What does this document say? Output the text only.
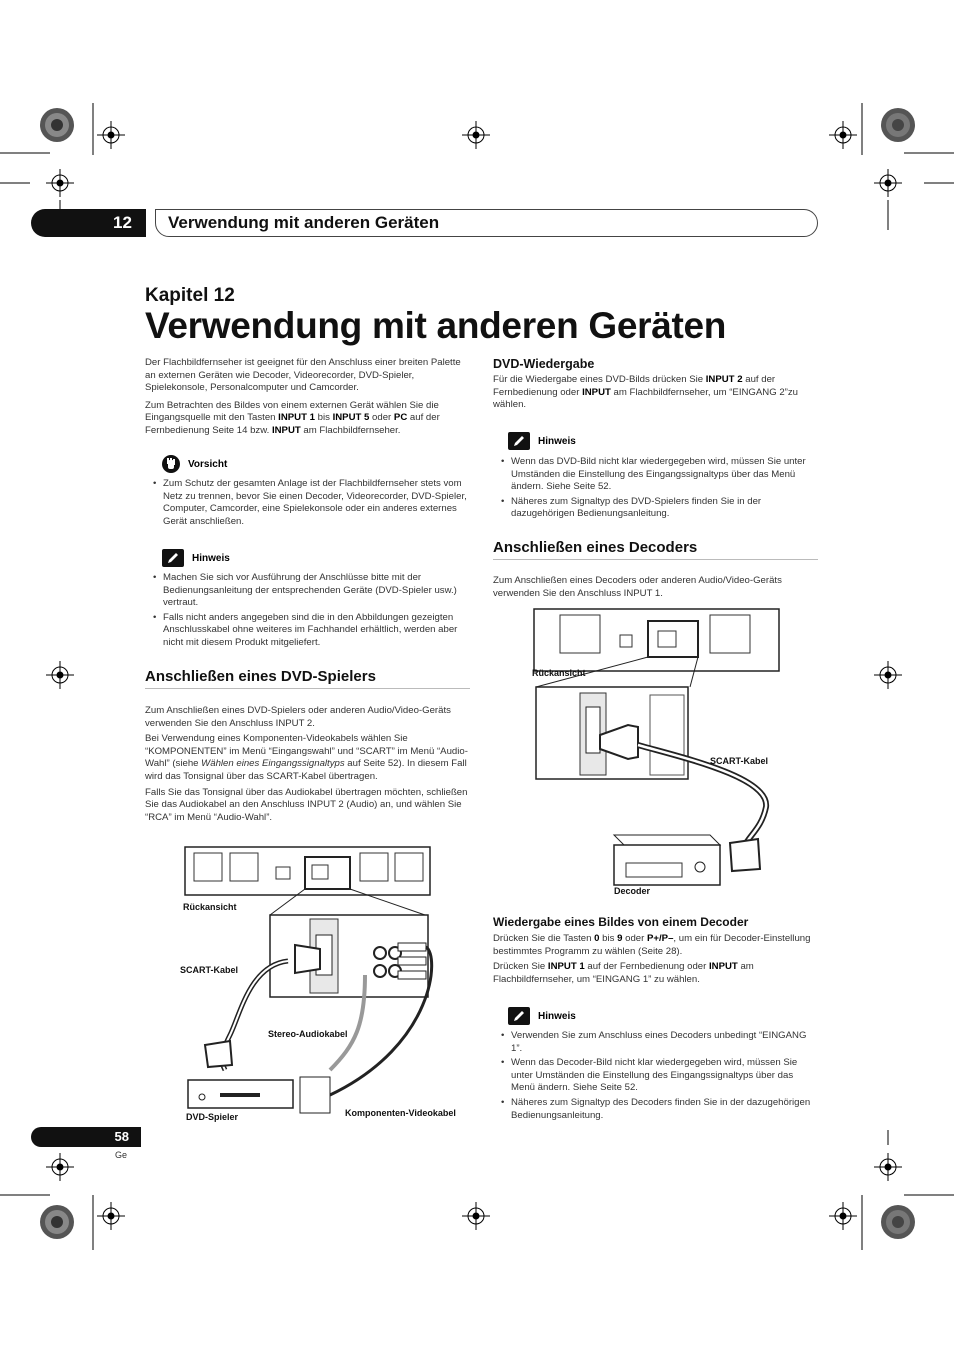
12 Verwendung mit anderen Geräten
Kapitel 12
Verwendung mit anderen Geräten

Der Flachbildfernseher ist geeignet für den Anschluss einer breiten Palette an externen Geräten wie Decoder, Videorecorder, DVD-Spieler, Spielekonsole, Personalcomputer und Camcorder.

Zum Betrachten des Bildes von einem externen Gerät wählen Sie die Eingangsquelle mit den Tasten INPUT 1 bis INPUT 5 oder PC auf der Fernbedienung Seite 14 bzw. INPUT am Flachbildfernseher.

Vorsicht
• Zum Schutz der gesamten Anlage ist der Flachbildfernseher stets vom Netz zu trennen, bevor Sie einen Decoder, Videorecorder, DVD-Spieler, Computer, Camcorder, eine Spielekonsole oder ein anderes externes Gerät anschließen.
Hinweis
• Machen Sie sich vor Ausführung der Anschlüsse bitte mit der Bedienungsanleitung der entsprechenden Geräte (DVD-Spieler usw.) vertraut.
• Falls nicht anders angegeben sind die in den Abbildungen gezeigten Anschlusskabel ohne weiteres im Fachhandel erhältlich, werden aber nicht mit diesem Produkt mitgeliefert.
Anschließen eines DVD-Spielers

Zum Anschließen eines DVD-Spielers oder anderen Audio/Video-Geräts verwenden Sie den Anschluss INPUT 2.

Bei Verwendung eines Komponenten-Videokabels wählen Sie “KOMPONENTEN” im Menü “Eingangswahl” und “SCART” im Menü “Audio-Wahl” (siehe Wählen eines Eingangssignaltyps auf Seite 52). In diesem Fall wird das Tonsignal über das SCART-Kabel übertragen.

Falls Sie das Tonsignal über das Audiokabel übertragen möchten, schließen Sie das Audiokabel an den Anschluss INPUT 2 (Audio) an, und wählen Sie “RCA” im Menü “Audio-Wahl”.

Rückansicht
SCART-Kabel
Stereo-Audiokabel
DVD-Spieler	Komponenten-Videokabel
58
Ge
DVD-Wiedergabe

Für die Wiedergabe eines DVD-Bilds drücken Sie INPUT 2 auf der Fernbedienung oder INPUT am Flachbildfernseher, um “EINGANG 2”zu wählen.

Hinweis
• Wenn das DVD-Bild nicht klar wiedergegeben wird, müssen Sie unter Umständen die Einstellung des Eingangssignaltyps über das Menü ändern. Siehe Seite 52.
• Näheres zum Signaltyp des DVD-Spielers finden Sie in der dazugehörigen Bedienungsanleitung.
Anschließen eines Decoders

Zum Anschließen eines Decoders oder anderen Audio/Video-Geräts verwenden Sie den Anschluss INPUT 1.

Rückansicht
SCART-Kabel
Decoder
Wiedergabe eines Bildes von einem Decoder

Drücken Sie die Tasten 0 bis 9 oder P+/P–, um ein für Decoder-Einstellung bestimmtes Programm zu wählen (Seite 28).

Drücken Sie INPUT 1 auf der Fernbedienung oder INPUT am Flachbildfernseher, um “EINGANG 1” zu wählen.

Hinweis
• Verwenden Sie zum Anschluss eines Decoders unbedingt “EINGANG 1”.
• Wenn das Decoder-Bild nicht klar wiedergegeben wird, müssen Sie unter Umständen die Einstellung des Eingangssignaltyps über das Menü ändern. Siehe Seite 52.
• Näheres zum Signaltyp des Decoders finden Sie in der dazugehörigen Bedienungsanleitung.
